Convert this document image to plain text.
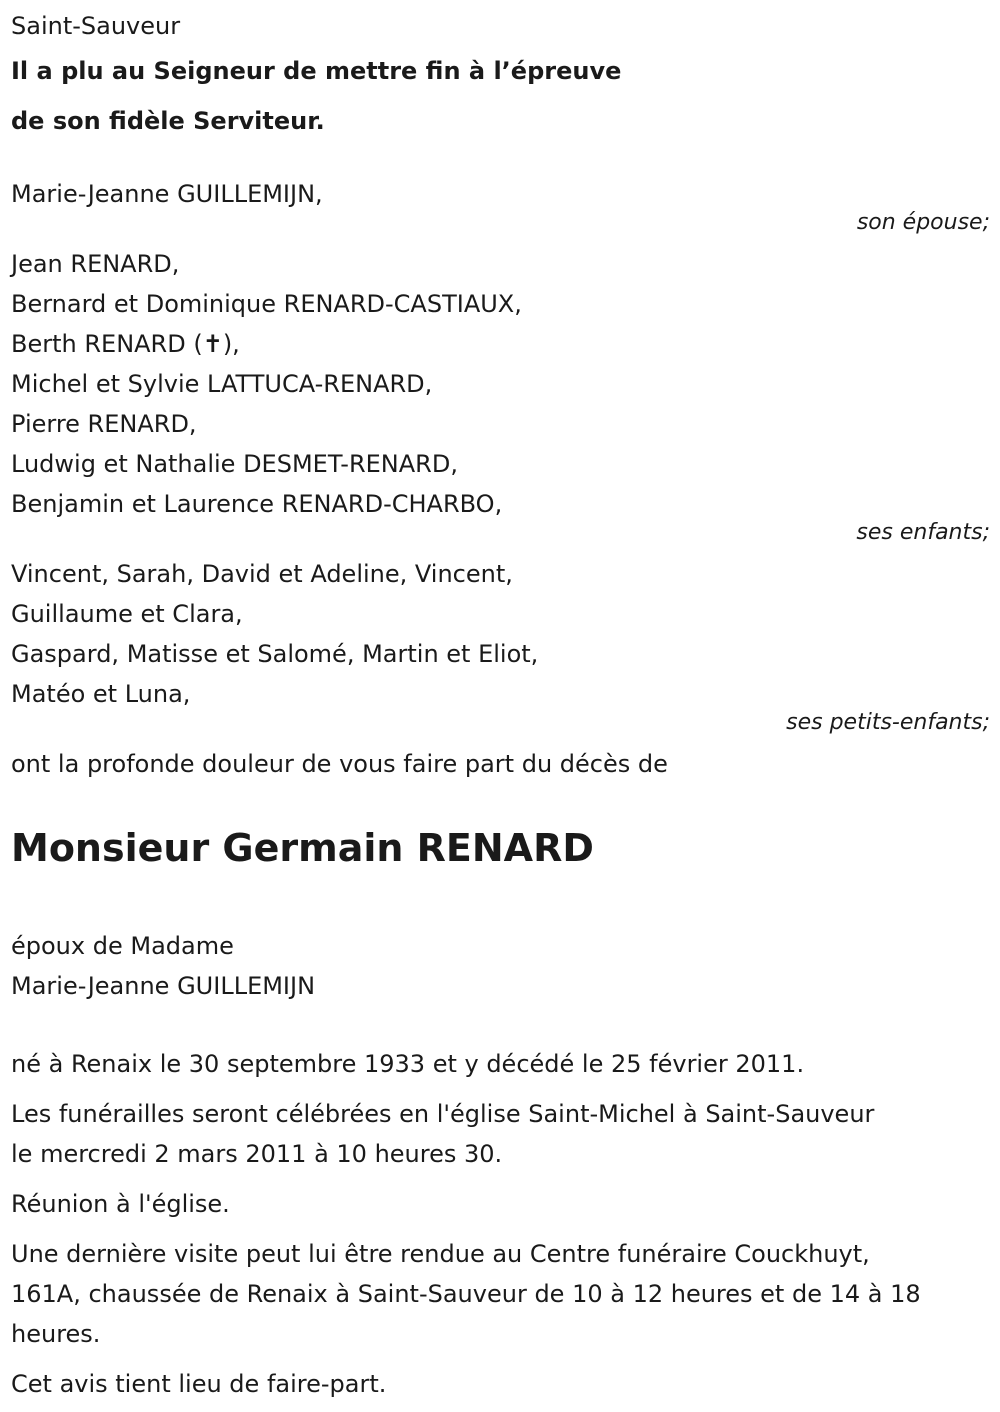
Saint-Sauveur
Il a plu au Seigneur de mettre fin à l’épreuve
de son fidèle Serviteur.
Marie-Jeanne GUILLEMIJN,
son épouse;
Jean RENARD,
Bernard et Dominique RENARD-CASTIAUX,
Berth RENARD (✝),
Michel et Sylvie LATTUCA-RENARD,
Pierre RENARD,
Ludwig et Nathalie DESMET-RENARD,
Benjamin et Laurence RENARD-CHARBO,
ses enfants;
Vincent, Sarah, David et Adeline, Vincent,
Guillaume et Clara,
Gaspard, Matisse et Salomé, Martin et Eliot,
Matéo et Luna,
ses petits-enfants;
ont la profonde douleur de vous faire part du décès de
Monsieur Germain RENARD
époux de Madame
Marie-Jeanne GUILLEMIJN
né à Renaix le 30 septembre 1933 et y décédé le 25 février 2011.
Les funérailles seront célébrées en l'église Saint-Michel à Saint-Sauveur
le mercredi 2 mars 2011 à 10 heures 30.
Réunion à l'église.
Une dernière visite peut lui être rendue au Centre funéraire Couckhuyt,
161A, chaussée de Renaix à Saint-Sauveur de 10 à 12 heures et de 14 à 18
heures.
Cet avis tient lieu de faire-part.
